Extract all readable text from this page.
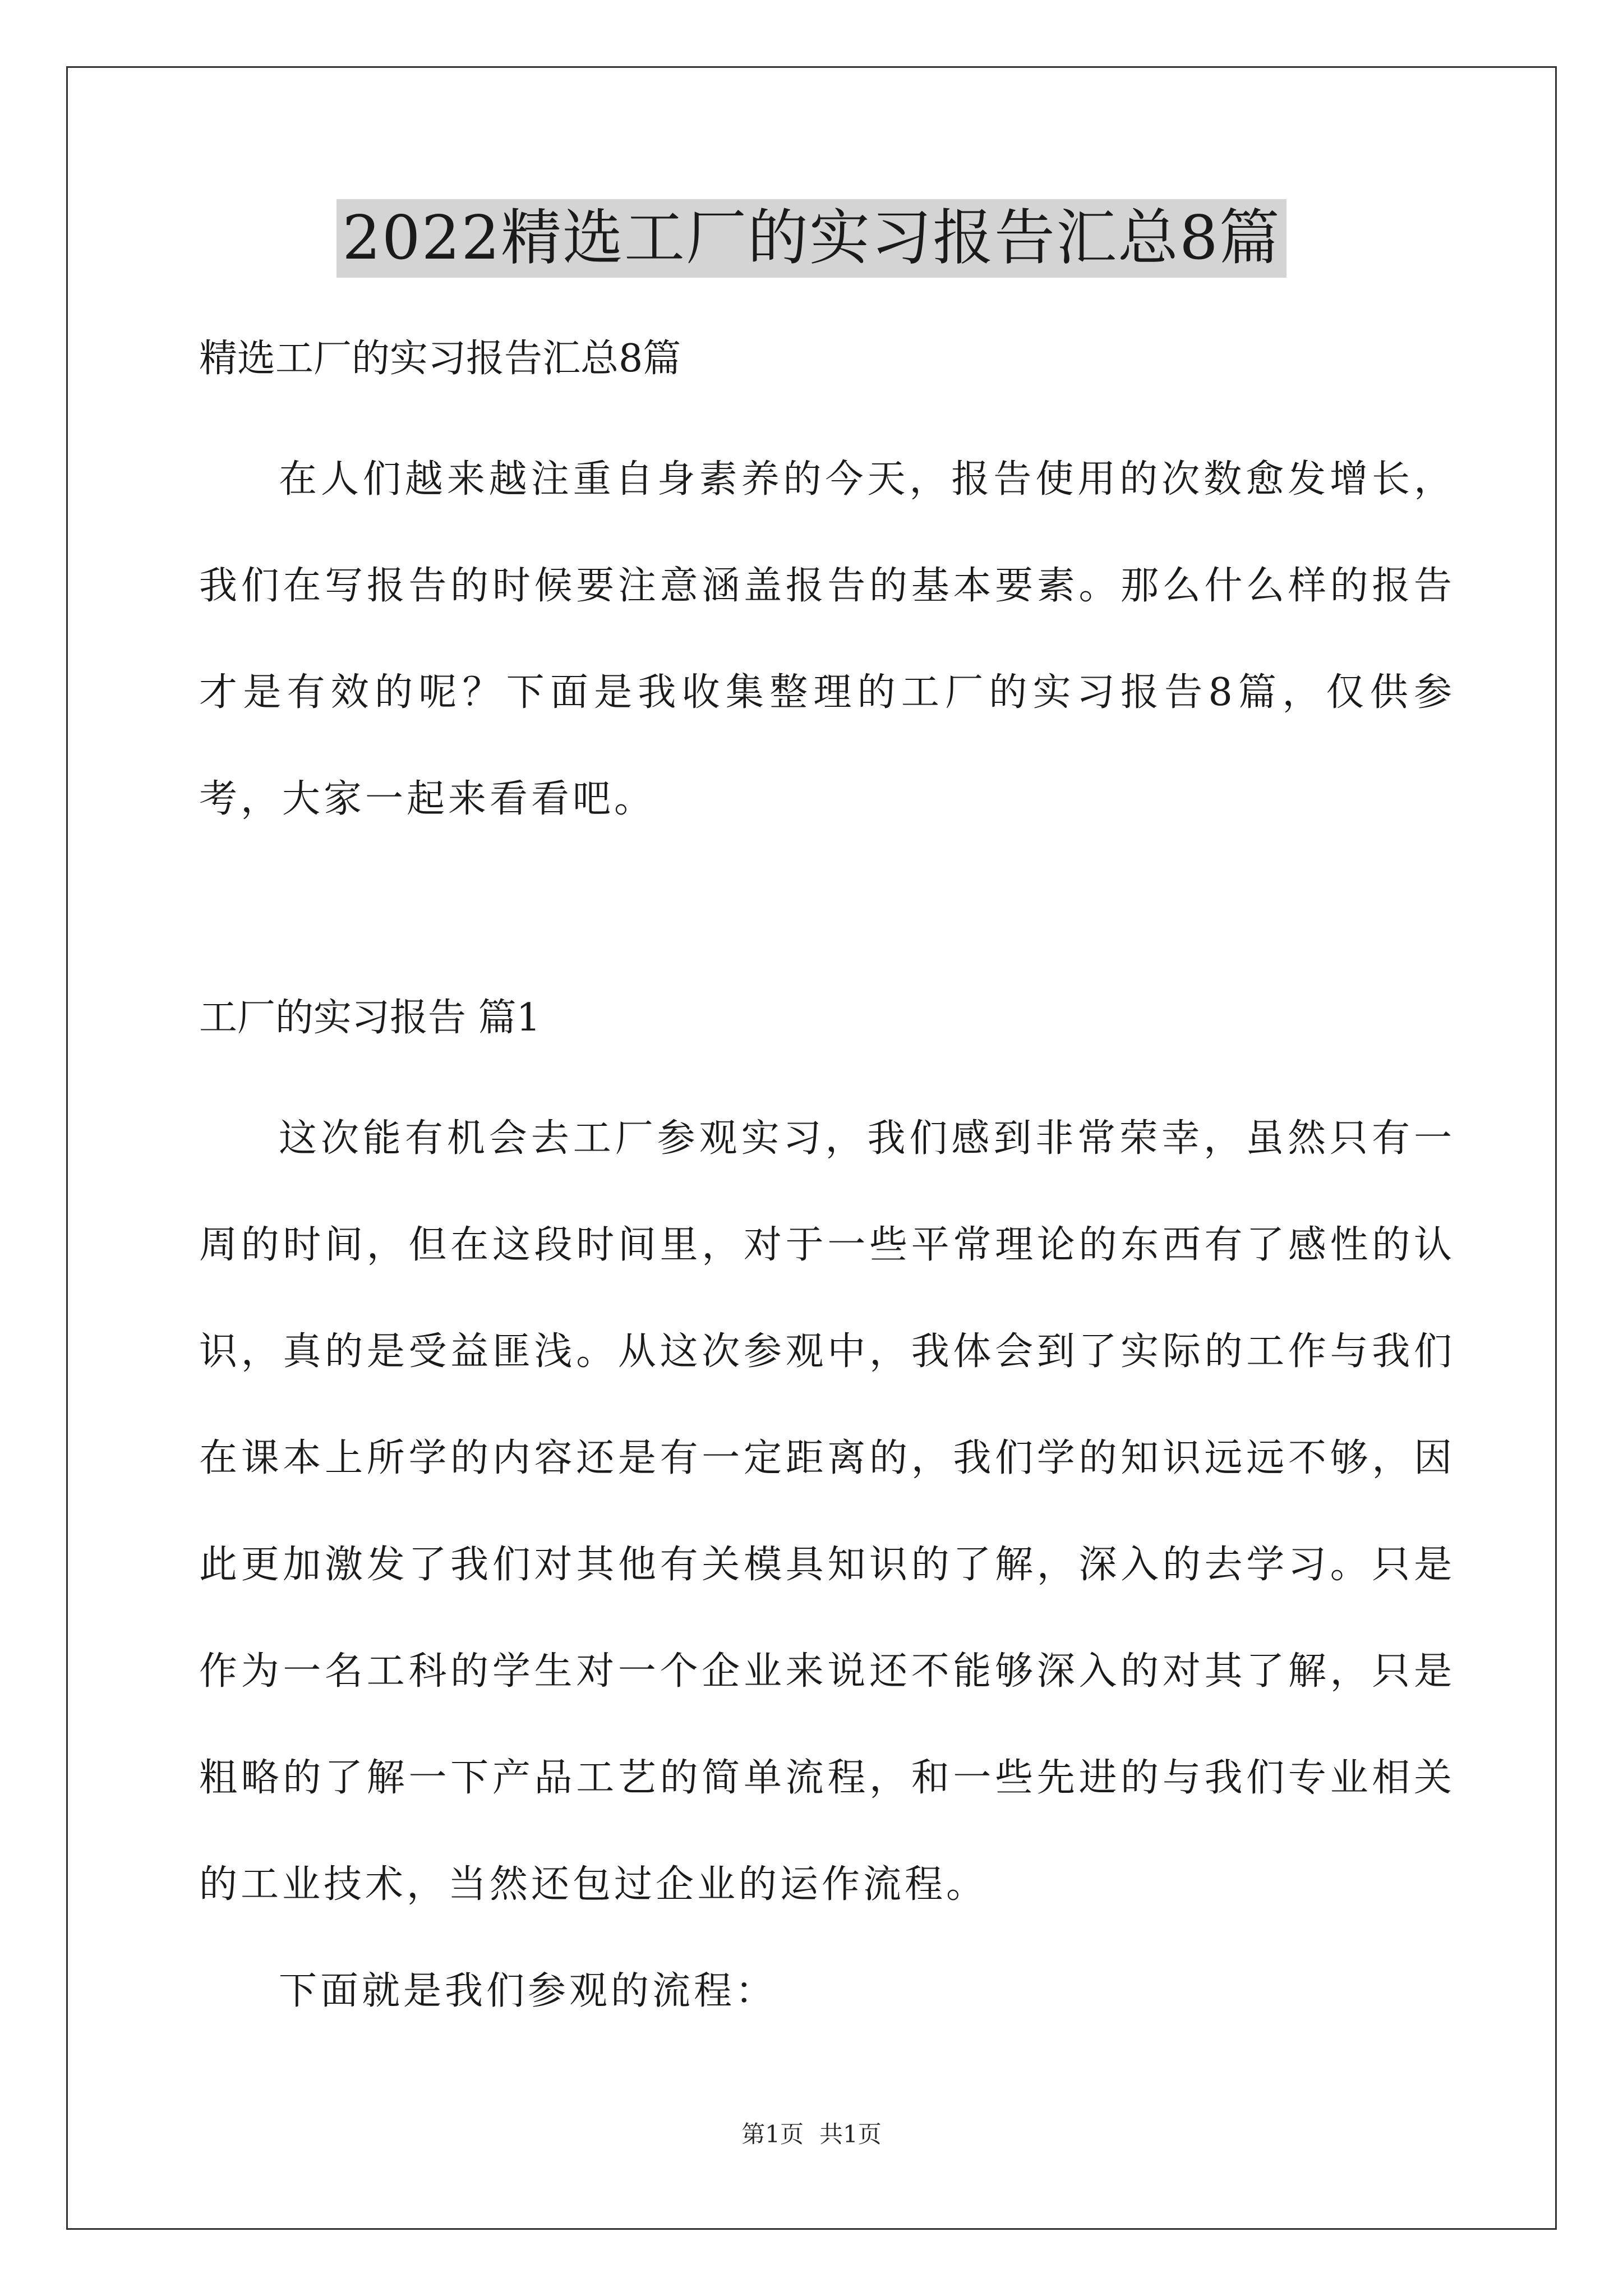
2022精选工厂的实习报告汇总8篇

精选工厂的实习报告汇总8篇

在人们越来越注重自身素养的今天，报告使用的次数愈发增长，我们在写报告的时候要注意涵盖报告的基本要素。那么什么样的报告才是有效的呢？下面是我收集整理的工厂的实习报告8篇，仅供参考，大家一起来看看吧。

工厂的实习报告 篇1

这次能有机会去工厂参观实习，我们感到非常荣幸，虽然只有一周的时间，但在这段时间里，对于一些平常理论的东西有了感性的认识，真的是受益匪浅。从这次参观中，我体会到了实际的工作与我们在课本上所学的内容还是有一定距离的，我们学的知识远远不够，因此更加激发了我们对其他有关模具知识的了解，深入的去学习。只是作为一名工科的学生对一个企业来说还不能够深入的对其了解，只是粗略的了解一下产品工艺的简单流程，和一些先进的与我们专业相关的工业技术，当然还包过企业的运作流程。

下面就是我们参观的流程：

第1页 共1页
